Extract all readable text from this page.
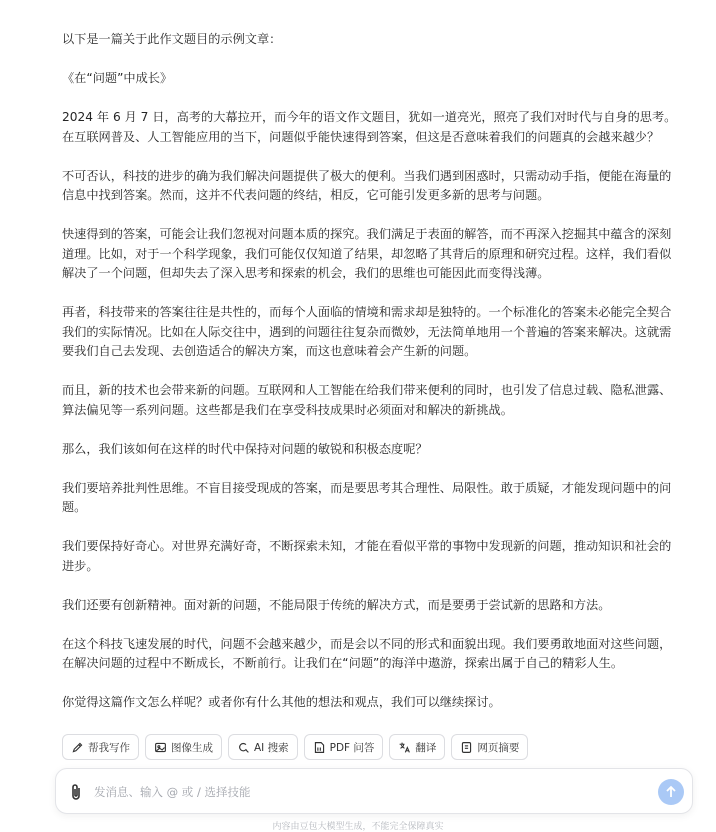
以下是一篇关于此作文题目的示例文章：

《在“问题”中成长》

2024 年 6 月 7 日，高考的大幕拉开，而今年的语文作文题目，犹如一道亮光，照亮了我们对时代与自身的思考。在互联网普及、人工智能应用的当下，问题似乎能快速得到答案，但这是否意味着我们的问题真的会越来越少？

不可否认，科技的进步的确为我们解决问题提供了极大的便利。当我们遇到困惑时，只需动动手指，便能在海量的信息中找到答案。然而，这并不代表问题的终结，相反，它可能引发更多新的思考与问题。

快速得到的答案，可能会让我们忽视对问题本质的探究。我们满足于表面的解答，而不再深入挖掘其中蕴含的深刻道理。比如，对于一个科学现象，我们可能仅仅知道了结果，却忽略了其背后的原理和研究过程。这样，我们看似解决了一个问题，但却失去了深入思考和探索的机会，我们的思维也可能因此而变得浅薄。

再者，科技带来的答案往往是共性的，而每个人面临的情境和需求却是独特的。一个标准化的答案未必能完全契合我们的实际情况。比如在人际交往中，遇到的问题往往复杂而微妙，无法简单地用一个普遍的答案来解决。这就需要我们自己去发现、去创造适合的解决方案，而这也意味着会产生新的问题。

而且，新的技术也会带来新的问题。互联网和人工智能在给我们带来便利的同时，也引发了信息过载、隐私泄露、算法偏见等一系列问题。这些都是我们在享受科技成果时必须面对和解决的新挑战。

那么，我们该如何在这样的时代中保持对问题的敏锐和积极态度呢？

我们要培养批判性思维。不盲目接受现成的答案，而是要思考其合理性、局限性。敢于质疑，才能发现问题中的问题。

我们要保持好奇心。对世界充满好奇，不断探索未知，才能在看似平常的事物中发现新的问题，推动知识和社会的进步。

我们还要有创新精神。面对新的问题，不能局限于传统的解决方式，而是要勇于尝试新的思路和方法。

在这个科技飞速发展的时代，问题不会越来越少，而是会以不同的形式和面貌出现。我们要勇敢地面对这些问题，在解决问题的过程中不断成长，不断前行。让我们在“问题”的海洋中遨游，探索出属于自己的精彩人生。

你觉得这篇作文怎么样呢？或者你有什么其他的想法和观点，我们可以继续探讨。

帮我写作	图像生成	AI 搜索	PDF 问答	翻译	网页摘要
发消息、输入 @ 或 / 选择技能
内容由豆包大模型生成，不能完全保障真实
